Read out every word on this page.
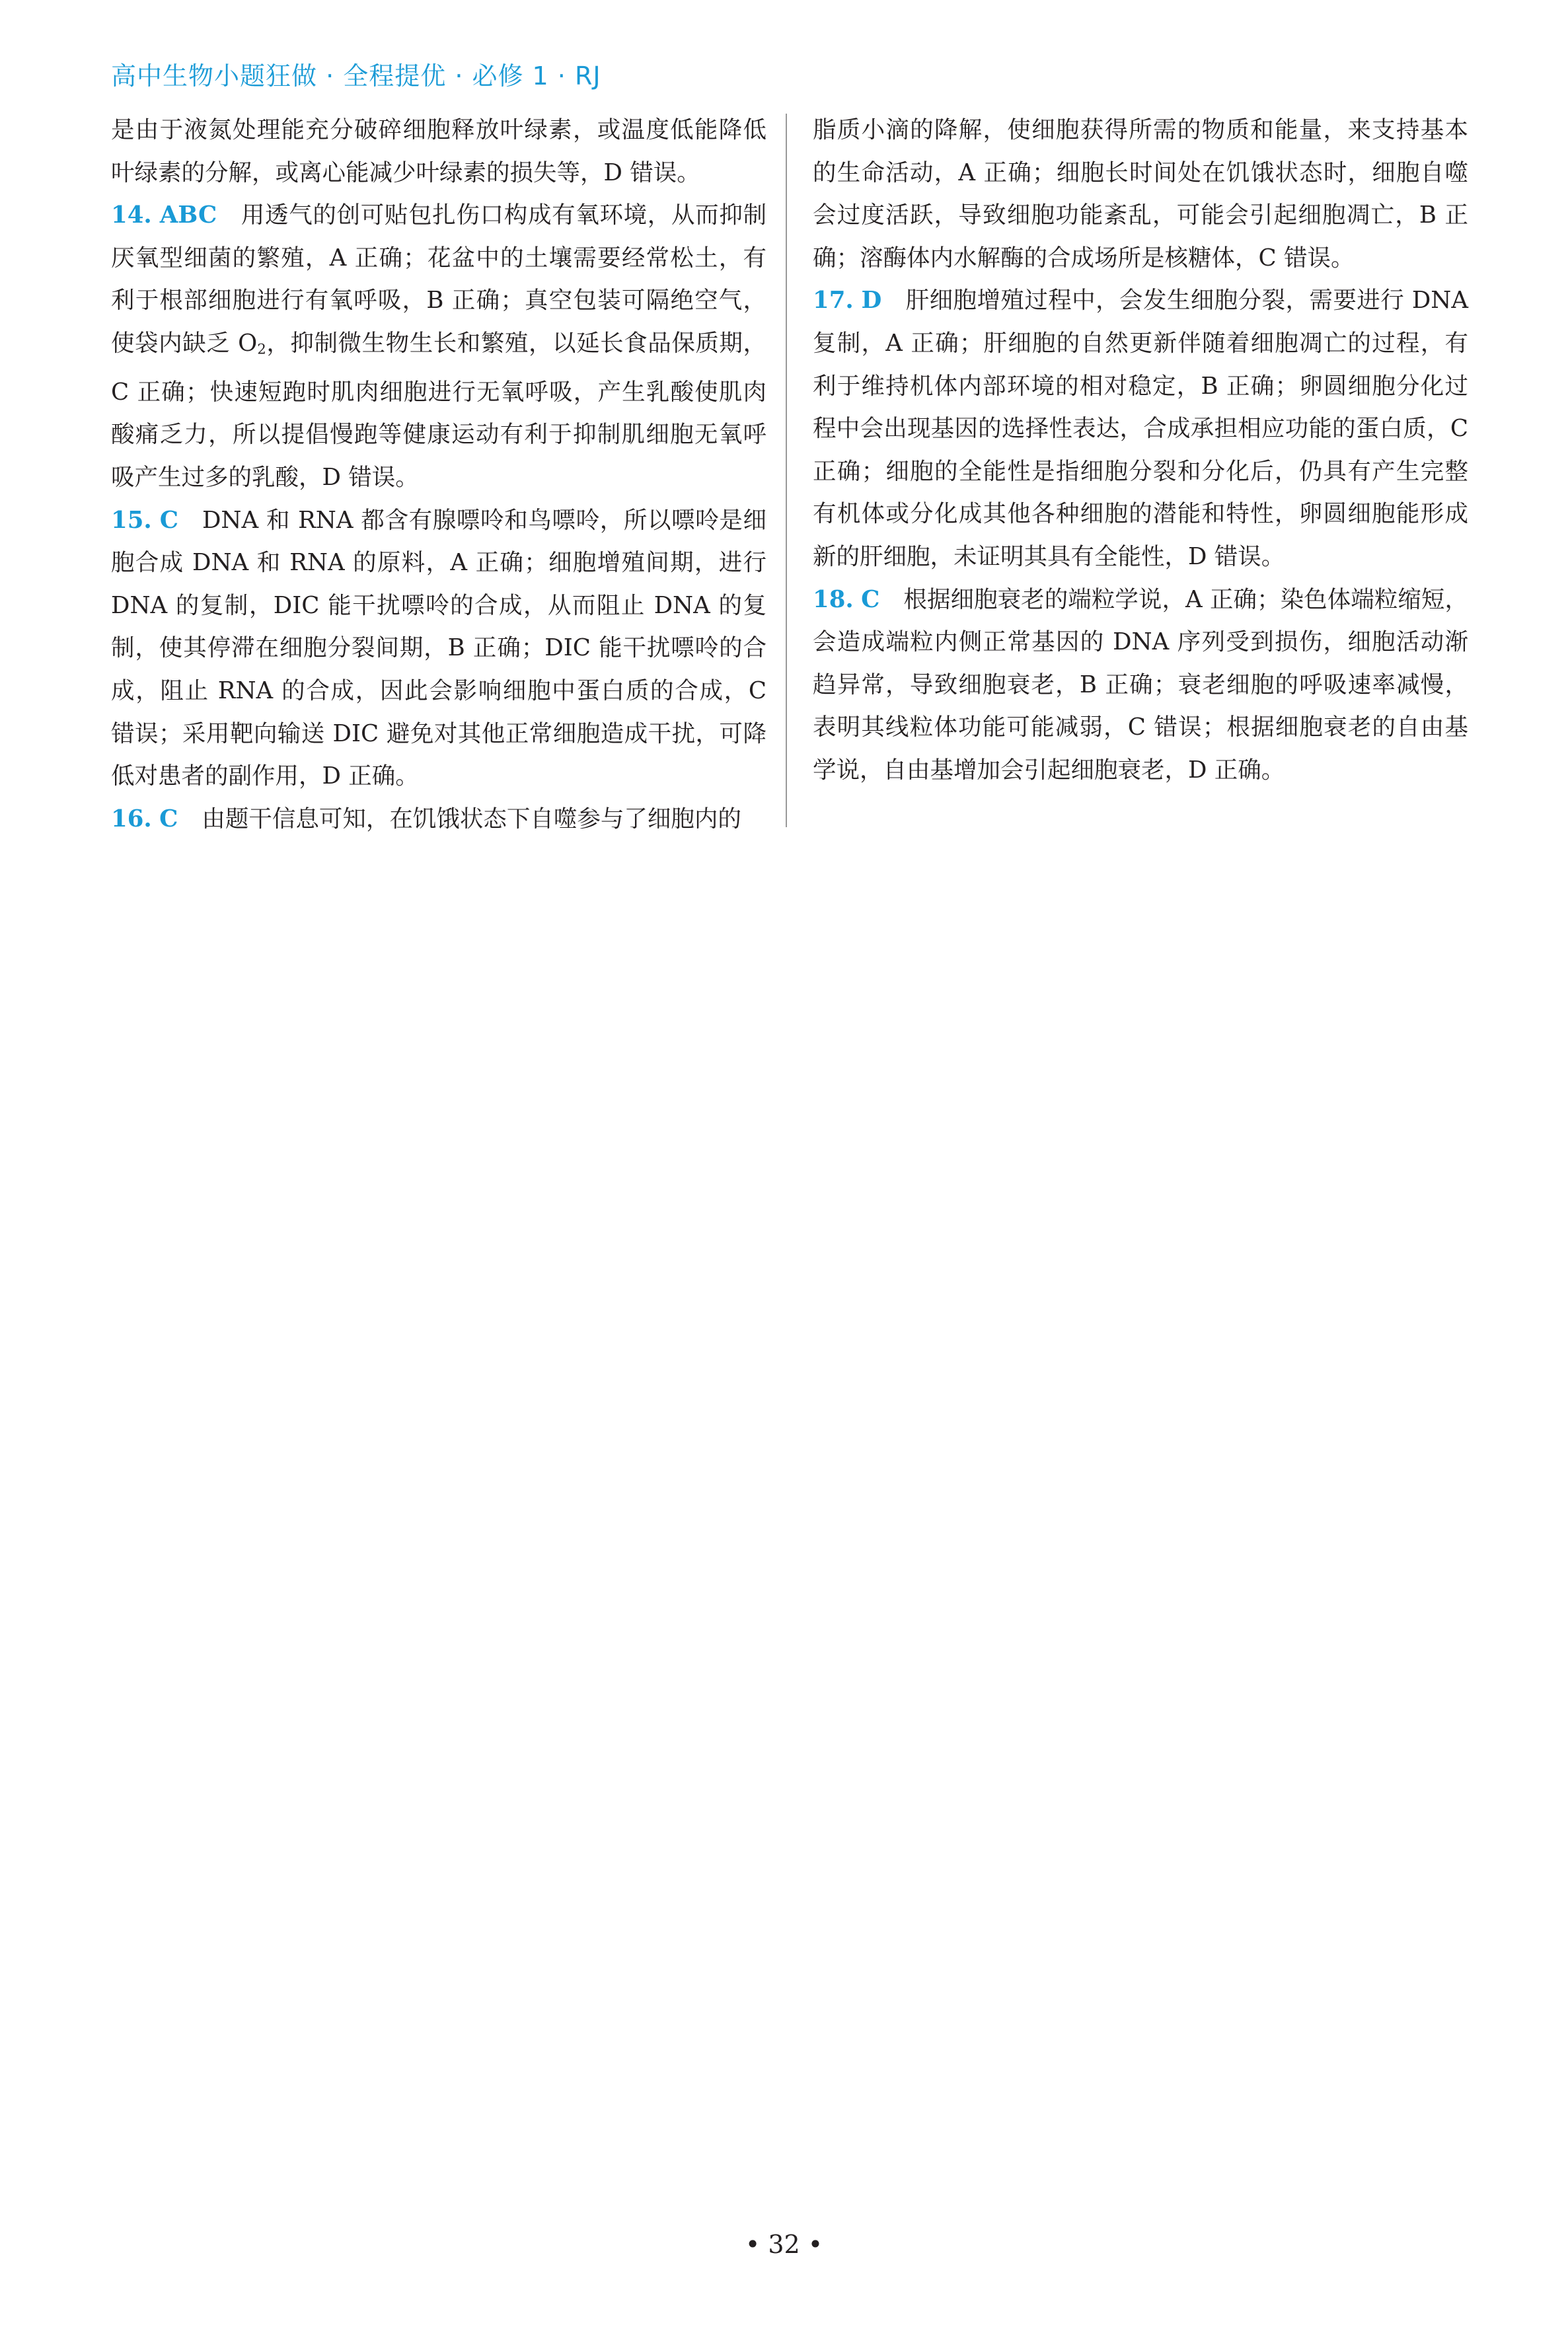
高中生物小题狂做 · 全程提优 · 必修 1 · RJ

是由于液氮处理能充分破碎细胞释放叶绿素，或温度低能降低叶绿素的分解，或离心能减少叶绿素的损失等，D 错误。

14. ABC 用透气的创可贴包扎伤口构成有氧环境，从而抑制厌氧型细菌的繁殖，A 正确；花盆中的土壤需要经常松土，有利于根部细胞进行有氧呼吸，B 正确；真空包装可隔绝空气，使袋内缺乏 O2，抑制微生物生长和繁殖，以延长食品保质期，C 正确；快速短跑时肌肉细胞进行无氧呼吸，产生乳酸使肌肉酸痛乏力，所以提倡慢跑等健康运动有利于抑制肌细胞无氧呼吸产生过多的乳酸，D 错误。

15. C DNA 和 RNA 都含有腺嘌呤和鸟嘌呤，所以嘌呤是细胞合成 DNA 和 RNA 的原料，A 正确；细胞增殖间期，进行 DNA 的复制，DIC 能干扰嘌呤的合成，从而阻止 DNA 的复制，使其停滞在细胞分裂间期，B 正确；DIC 能干扰嘌呤的合成，阻止 RNA 的合成，因此会影响细胞中蛋白质的合成，C 错误；采用靶向输送 DIC 避免对其他正常细胞造成干扰，可降低对患者的副作用，D 正确。

16. C 由题干信息可知，在饥饿状态下自噬参与了细胞内的

脂质小滴的降解，使细胞获得所需的物质和能量，来支持基本的生命活动，A 正确；细胞长时间处在饥饿状态时，细胞自噬会过度活跃，导致细胞功能紊乱，可能会引起细胞凋亡，B 正确；溶酶体内水解酶的合成场所是核糖体，C 错误。

17. D 肝细胞增殖过程中，会发生细胞分裂，需要进行 DNA 复制，A 正确；肝细胞的自然更新伴随着细胞凋亡的过程，有利于维持机体内部环境的相对稳定，B 正确；卵圆细胞分化过程中会出现基因的选择性表达，合成承担相应功能的蛋白质，C 正确；细胞的全能性是指细胞分裂和分化后，仍具有产生完整有机体或分化成其他各种细胞的潜能和特性，卵圆细胞能形成新的肝细胞，未证明其具有全能性，D 错误。

18. C 根据细胞衰老的端粒学说，A 正确；染色体端粒缩短，会造成端粒内侧正常基因的 DNA 序列受到损伤，细胞活动渐趋异常，导致细胞衰老，B 正确；衰老细胞的呼吸速率减慢，表明其线粒体功能可能减弱，C 错误；根据细胞衰老的自由基学说，自由基增加会引起细胞衰老，D 正确。

• 32 •
